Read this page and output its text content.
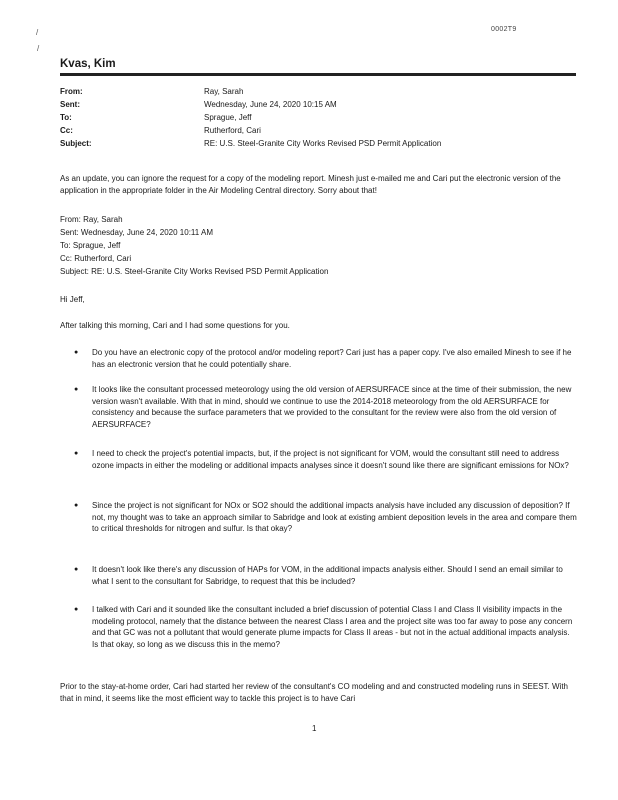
/
/
0002T9
Kvas, Kim
From:	Ray, Sarah
Sent:	Wednesday, June 24, 2020 10:15 AM
To:	Sprague, Jeff
Cc:	Rutherford, Cari
Subject:	RE: U.S. Steel-Granite City Works Revised PSD Permit Application
As an update, you can ignore the request for a copy of the modeling report. Minesh just e-mailed me and Cari put the electronic version of the application in the appropriate folder in the Air Modeling Central directory. Sorry about that!
From: Ray, Sarah
Sent: Wednesday, June 24, 2020 10:11 AM
To: Sprague, Jeff
Cc: Rutherford, Cari
Subject: RE: U.S. Steel-Granite City Works Revised PSD Permit Application
Hi Jeff,
After talking this morning, Cari and I had some questions for you.
● Do you have an electronic copy of the protocol and/or modeling report? Cari just has a paper copy. I've also emailed Minesh to see if he has an electronic version that he could potentially share.
● It looks like the consultant processed meteorology using the old version of AERSURFACE since at the time of their submission, the new version wasn't available. With that in mind, should we continue to use the 2014-2018 meteorology from the old AERSURFACE for consistency and because the surface parameters that we provided to the consultant for the review were also from the old version of AERSURFACE?
● I need to check the project's potential impacts, but, if the project is not significant for VOM, would the consultant still need to address ozone impacts in either the modeling or additional impacts analyses since it doesn't sound like there are significant emissions for NOx?
● Since the project is not significant for NOx or SO2 should the additional impacts analysis have included any discussion of deposition? If not, my thought was to take an approach similar to Sabridge and look at existing ambient deposition levels in the area and compare them to critical thresholds for nitrogen and sulfur. Is that okay?
● It doesn't look like there's any discussion of HAPs for VOM, in the additional impacts analysis either. Should I send an email similar to what I sent to the consultant for Sabridge, to request that this be included?
● I talked with Cari and it sounded like the consultant included a brief discussion of potential Class I and Class II visibility impacts in the modeling protocol, namely that the distance between the nearest Class I area and the project site was too far away to pose any concern and that GC was not a pollutant that would generate plume impacts for Class II areas - but not in the actual additional impacts analysis. Is that okay, so long as we discuss this in the memo?
Prior to the stay-at-home order, Cari had started her review of the consultant's CO modeling and and constructed modeling runs in SEEST. With that in mind, it seems like the most efficient way to tackle this project is to have Cari
1
